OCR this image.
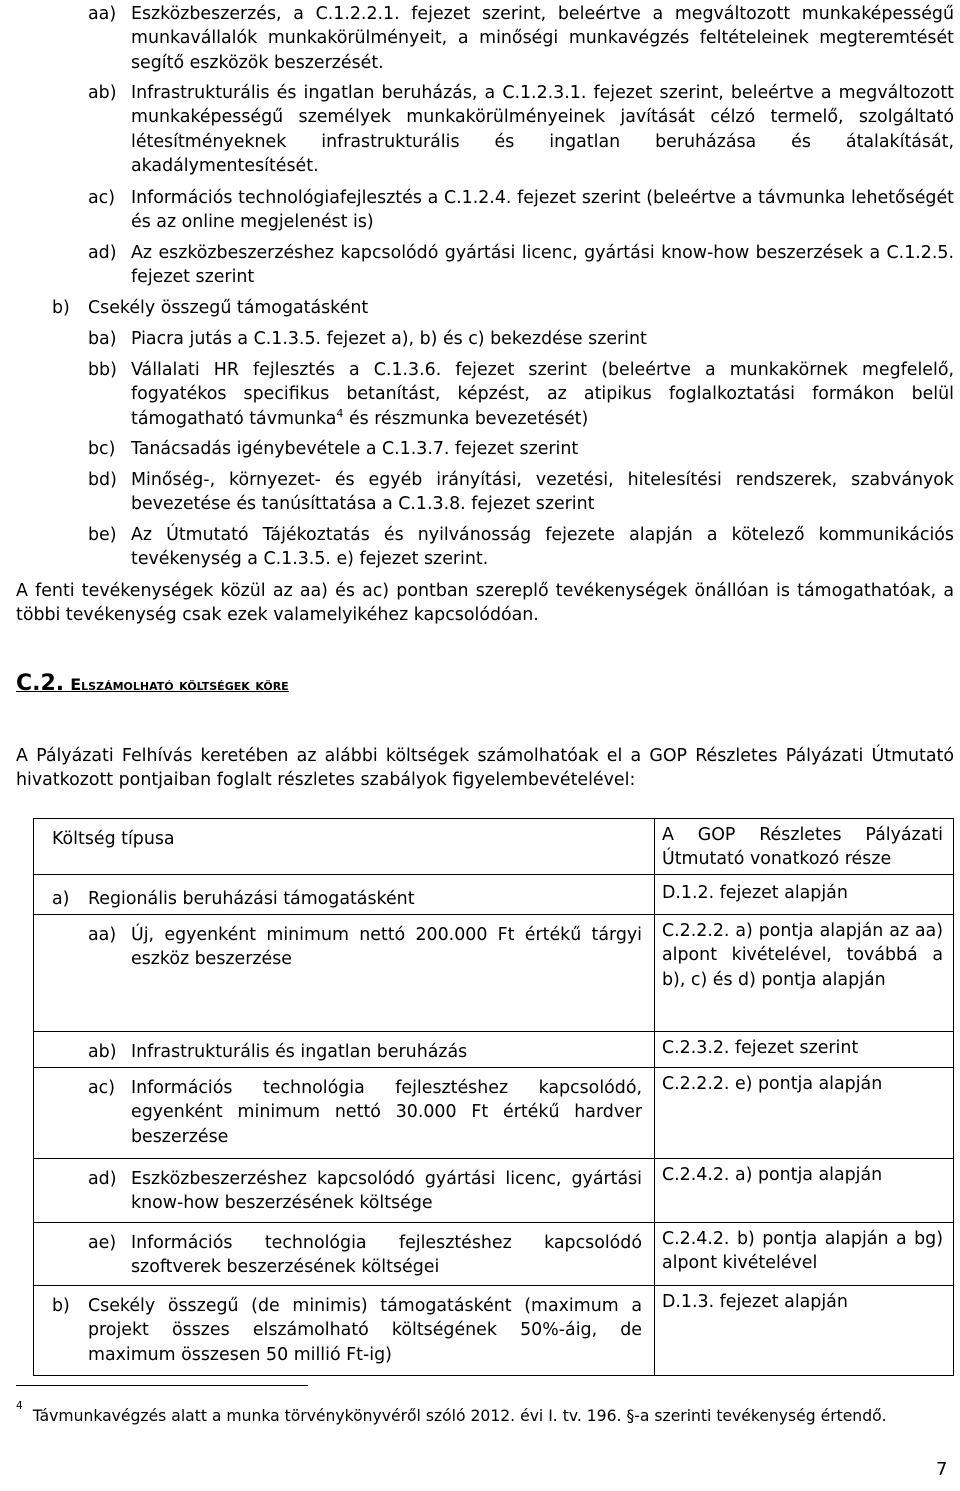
aa) Eszközbeszerzés, a C.1.2.2.1. fejezet szerint, beleértve a megváltozott munkaképességű munkavállalók munkakörülményeit, a minőségi munkavégzés feltételeinek megteremtését segítő eszközök beszerzését.
ab) Infrastrukturális és ingatlan beruházás, a C.1.2.3.1. fejezet szerint, beleértve a megváltozott munkaképességű személyek munkakörülményeinek javítását célzó termelő, szolgáltató létesítményeknek infrastrukturális és ingatlan beruházása és átalakítását, akadálymentesítését.
ac) Információs technológiafejlesztés a C.1.2.4. fejezet szerint (beleértve a távmunka lehetőségét és az online megjelenést is)
ad) Az eszközbeszerzéshez kapcsolódó gyártási licenc, gyártási know-how beszerzések a C.1.2.5. fejezet szerint
b)	Csekély összegű támogatásként
ba) Piacra jutás a C.1.3.5. fejezet a), b) és c) bekezdése szerint
bb) Vállalati HR fejlesztés a C.1.3.6. fejezet szerint (beleértve a munkakörnek megfelelő, fogyatékos specifikus betanítást, képzést, az atipikus foglalkoztatási formákon belül támogatható távmunka$^4$ és részmunka bevezetését)
bc) Tanácsadás igénybevétele a C.1.3.7. fejezet szerint
bd) Minőség-, környezet- és egyéb irányítási, vezetési, hitelesítési rendszerek, szabványok bevezetése és tanúsíttatása a C.1.3.8. fejezet szerint
be) Az Útmutató Tájékoztatás és nyilvánosság fejezete alapján a kötelező kommunikációs tevékenység a C.1.3.5. e) fejezet szerint.
A fenti tevékenységek közül az aa) és ac) pontban szereplő tevékenységek önállóan is támogathatóak, a többi tevékenység csak ezek valamelyikéhez kapcsolódóan.
C.2. Elszámolható költségek köre
A Pályázati Felhívás keretében az alábbi költségek számolhatóak el a GOP Részletes Pályázati Útmutató hivatkozott pontjaiban foglalt részletes szabályok figyelembevételével:
Költség típusa	A GOP Részletes Pályázati Útmutató vonatkozó része

a) Regionális beruházási támogatásként	D.1.2. fejezet alapján

aa) Új, egyenként minimum nettó 200.000 Ft értékű tárgyi eszköz beszerzése	C.2.2.2. a) pontja alapján az aa) alpont kivételével, továbbá a b), c) és d) pontja alapján

ab) Infrastrukturális és ingatlan beruházás	C.2.3.2. fejezet szerint

ac) Információs technológia fejlesztéshez kapcsolódó, egyenként minimum nettó 30.000 Ft értékű hardver beszerzése	C.2.2.2. e) pontja alapján

ad) Eszközbeszerzéshez kapcsolódó gyártási licenc, gyártási know-how beszerzésének költsége	C.2.4.2. a) pontja alapján

ae) Információs technológia fejlesztéshez kapcsolódó szoftverek beszerzésének költségei	C.2.4.2. b) pontja alapján a bg) alpont kivételével

b) Csekély összegű (de minimis) támogatásként (maximum a projekt összes elszámolható költségének 50%-áig, de maximum összesen 50 millió Ft-ig)	D.1.3. fejezet alapján
$^4$Távmunkavégzés alatt a munka törvénykönyvéről szóló 2012. évi I. tv. 196. §-a szerinti tevékenység értendő.
7
